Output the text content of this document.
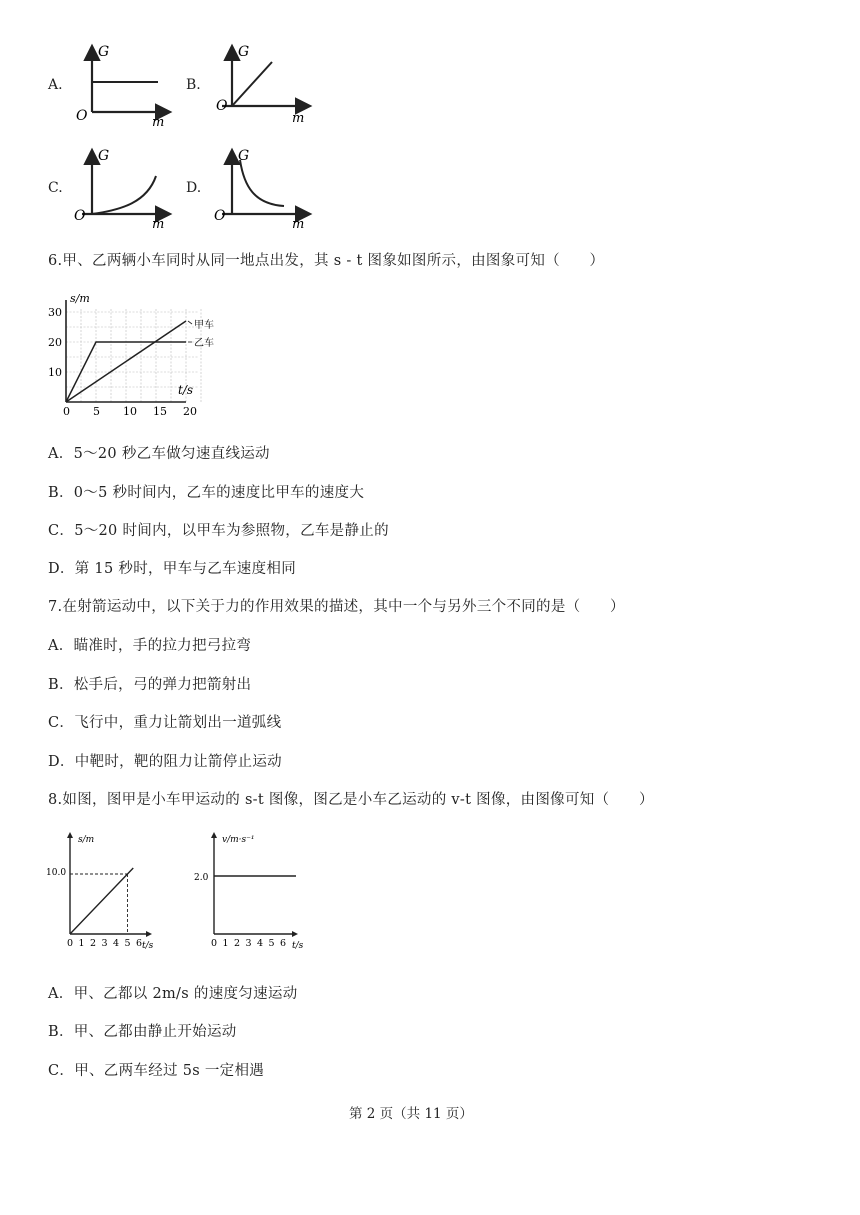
A.
G
O	m
B.
G
O
m
C.
G
O
m
D.
G
O
m
6.甲、乙两辆小车同时从同一地点出发，其 s - t 图象如图所示，由图象可知（　　）
s/m
t/s
0 5 10 15 20
10
20
30
甲车
乙车
A．5～20 秒乙车做匀速直线运动
B．0～5 秒时间内，乙车的速度比甲车的速度大
C．5～20 时间内，以甲车为参照物，乙车是静止的
D．第 15 秒时，甲车与乙车速度相同
7.在射箭运动中，以下关于力的作用效果的描述，其中一个与另外三个不同的是（　　）
A．瞄准时，手的拉力把弓拉弯
B．松手后，弓的弹力把箭射出
C．飞行中，重力让箭划出一道弧线
D．中靶时，靶的阻力让箭停止运动
8.如图，图甲是小车甲运动的 s-t 图像，图乙是小车乙运动的 v-t 图像，由图像可知（　　）
s/m
t/s
10.0
0 1 2 3 4 5 6
v/m·s⁻¹
t/s
2.0
0 1 2 3 4 5 6
A．甲、乙都以 2m/s 的速度匀速运动
B．甲、乙都由静止开始运动
C．甲、乙两车经过 5s 一定相遇
第 2 页（共 11 页）
